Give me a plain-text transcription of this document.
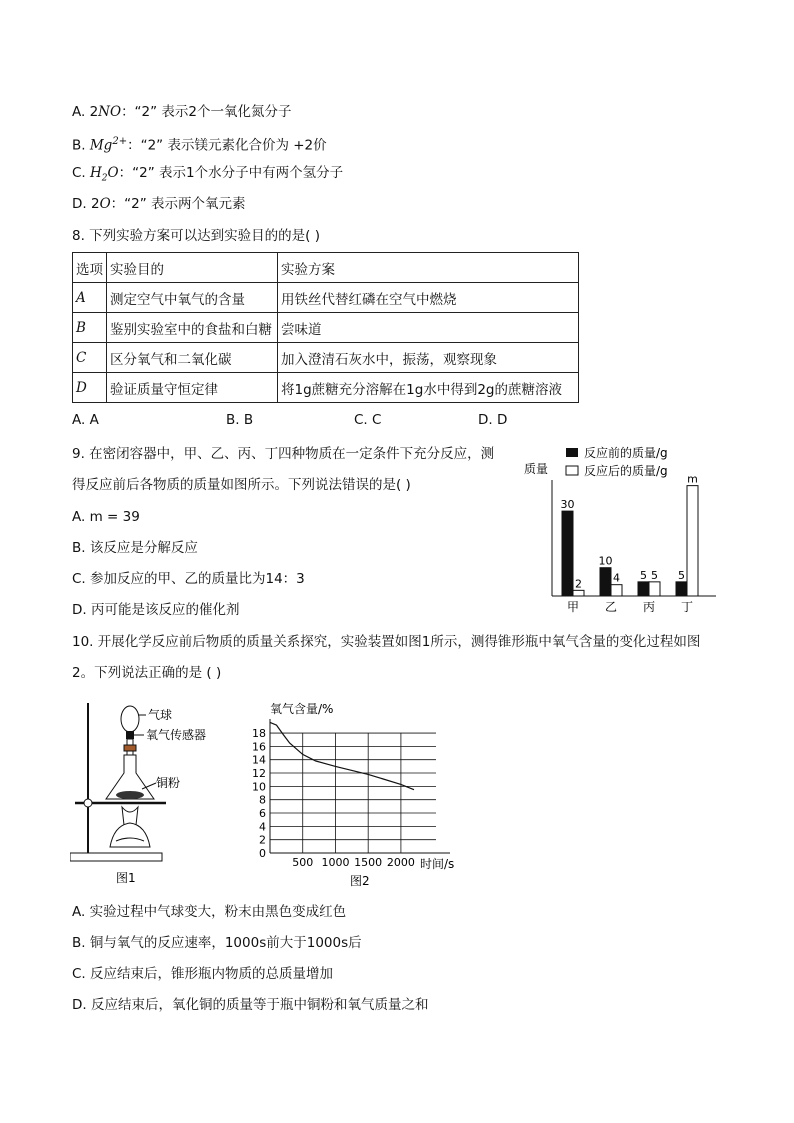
A. 2NO：“2” 表示2个一氧化氮分子
B. $Mg^{2+}$：“2” 表示镁元素化合价为 +2价
C. $H_2O$：“2” 表示1个水分子中有两个氢分子
D. 2O：“2” 表示两个氧元素
8. 下列实验方案可以达到实验目的的是( )
选项	实验目的	实验方案
A	测定空气中氧气的含量	用铁丝代替红磷在空气中燃烧
B	鉴别实验室中的食盐和白糖	尝味道
C	区分氧气和二氧化碳	加入澄清石灰水中，振荡，观察现象
D	验证质量守恒定律	将1g蔗糖充分溶解在1g水中得到2g的蔗糖溶液
A. A	B. B	C. C	D. D
9. 在密闭容器中，甲、乙、丙、丁四种物质在一定条件下充分反应，测
得反应前后各物质的质量如图所示。下列说法错误的是( )
A. m = 39
B. 该反应是分解反应
C. 参加反应的甲、乙的质量比为14：3
D. 丙可能是该反应的催化剂
反应前的质量/g
反应后的质量/g
质量
30
2
甲
10
4
乙
5 5
丙
5
m
丁
10. 开展化学反应前后物质的质量关系探究，实验装置如图1所示，测得锥形瓶中氧气含量的变化过程如图
2。下列说法正确的是 ( )
气球
氧气传感器
铜粉
图1
氧气含量/%
0
2
4
6
8
10
12
14
16
18
500 1000 1500 2000 时间/s
图2
A. 实验过程中气球变大，粉末由黑色变成红色
B. 铜与氧气的反应速率，1000s前大于1000s后
C. 反应结束后，锥形瓶内物质的总质量增加
D. 反应结束后，氧化铜的质量等于瓶中铜粉和氧气质量之和
